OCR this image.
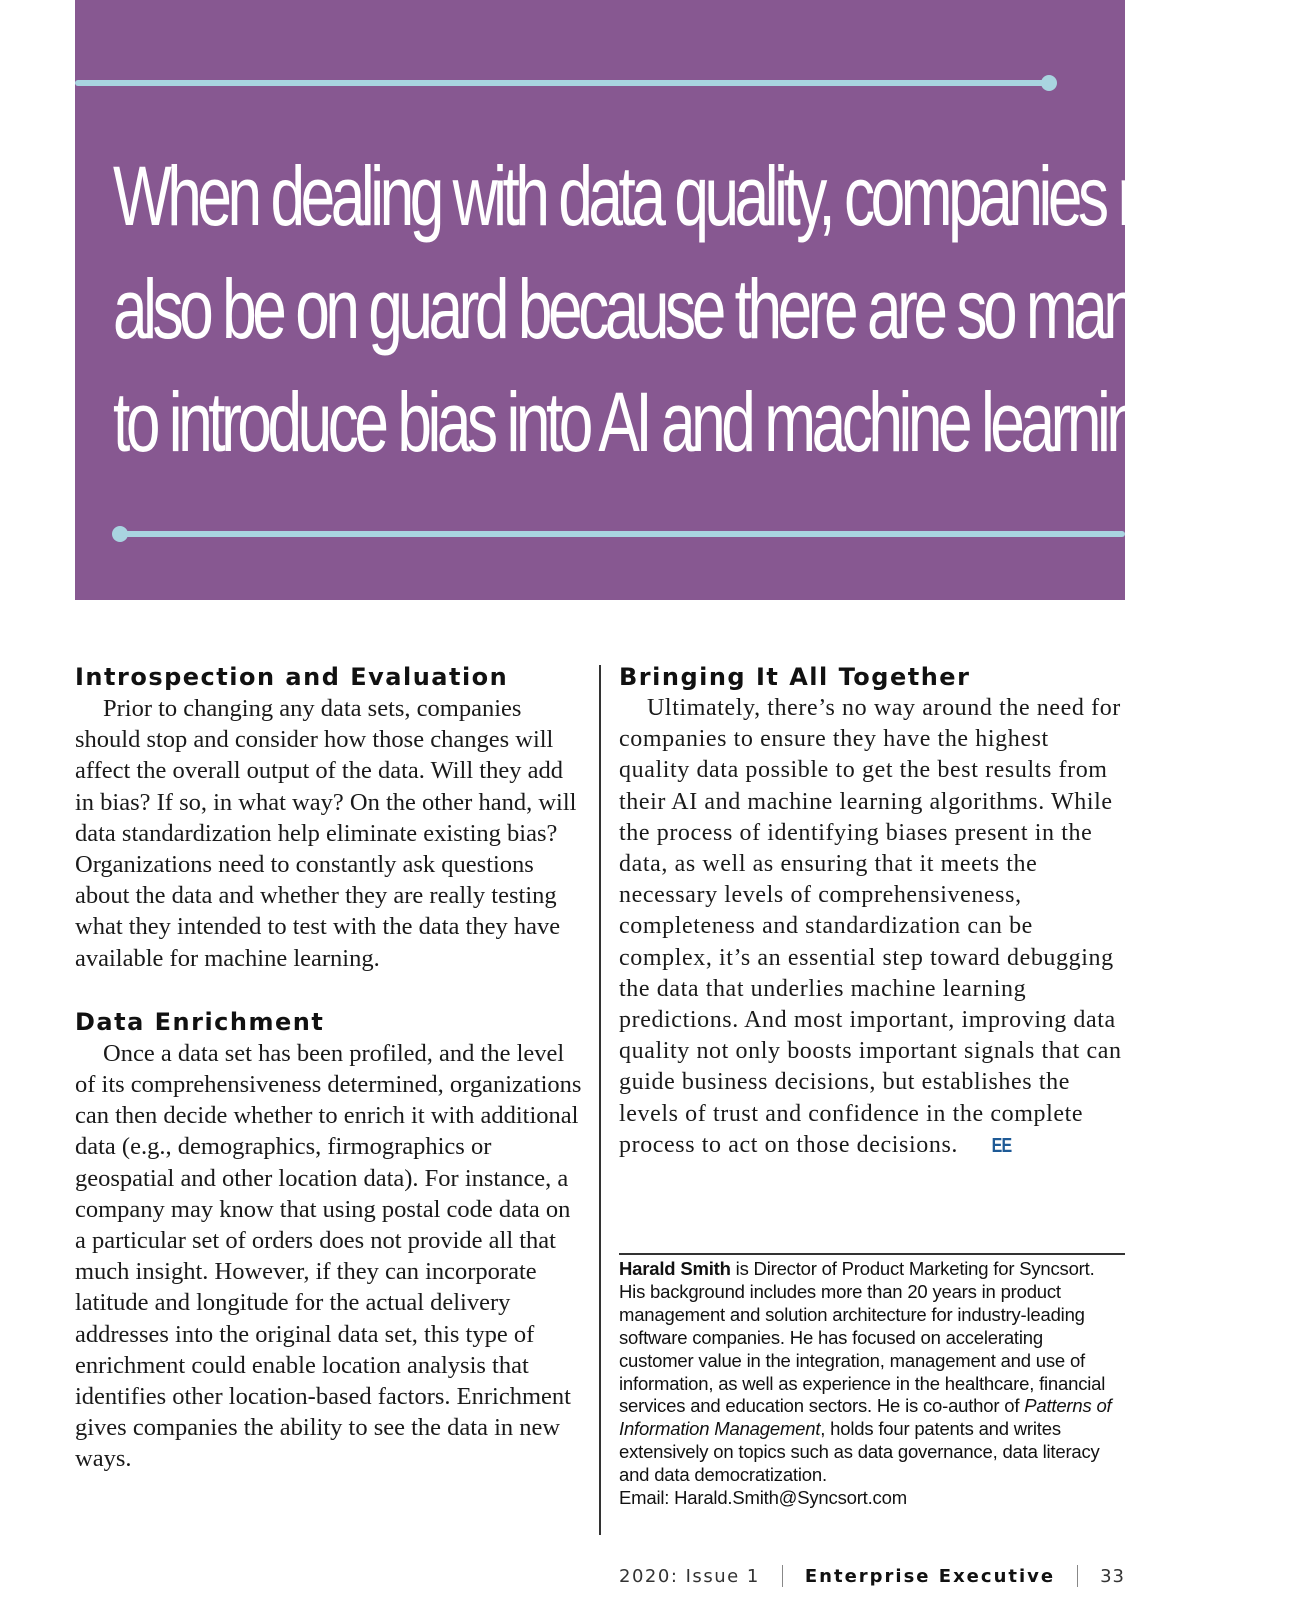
When dealing with data quality, companies must
also be on guard because there are so many ways
to introduce bias into AI and machine learning.
Introspection and Evaluation

Prior to changing any data sets, companies should stop and consider how those changes will affect the overall output of the data. Will they add in bias? If so, in what way? On the other hand, will data standardization help eliminate existing bias? Organizations need to constantly ask questions about the data and whether they are really testing what they intended to test with the data they have available for machine learning.

Data Enrichment

Once a data set has been profiled, and the level of its comprehensiveness determined, organizations can then decide whether to enrich it with additional data (e.g., demographics, firmographics or geospatial and other location data). For instance, a company may know that using postal code data on a particular set of orders does not provide all that much insight. However, if they can incorporate latitude and longitude for the actual delivery addresses into the original data set, this type of enrichment could enable location analysis that identifies other location-based factors. Enrichment gives companies the ability to see the data in new ways.

Bringing It All Together

Ultimately, there’s no way around the need for companies to ensure they have the highest quality data possible to get the best results from their AI and machine learning algorithms. While the process of identifying biases present in the data, as well as ensuring that it meets the necessary levels of comprehensiveness, completeness and standardization can be complex, it’s an essential step toward debugging the data that underlies machine learning predictions. And most important, improving data quality not only boosts important signals that can guide business decisions, but establishes the levels of trust and confidence in the complete process to act on those decisions. EE

Harald Smith is Director of Product Marketing for Syncsort. His background includes more than 20 years in product management and solution architecture for industry-leading software companies. He has focused on accelerating customer value in the integration, management and use of information, as well as experience in the healthcare, financial services and education sectors. He is co-author of Patterns of Information Management, holds four patents and writes extensively on topics such as data governance, data literacy and data democratization.
Email: Harald.Smith@Syncsort.com
2020: Issue 1	Enterprise Executive	33
